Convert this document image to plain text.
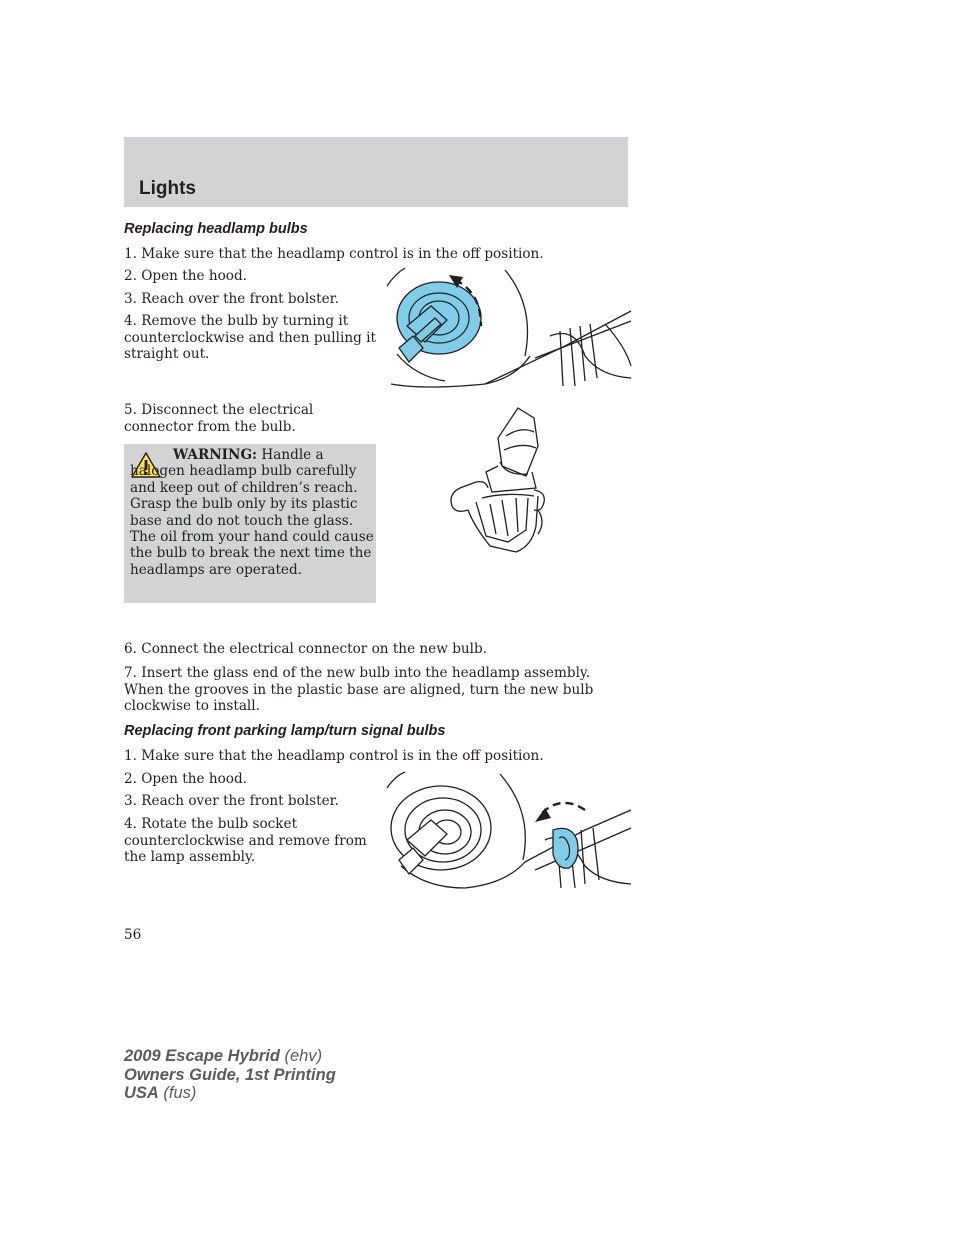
Lights
Replacing headlamp bulbs
1. Make sure that the headlamp control is in the off position.
2. Open the hood.
3. Reach over the front bolster.
4. Remove the bulb by turning it counterclockwise and then pulling it straight out.
5. Disconnect the electrical connector from the bulb.
WARNING: Handle a halogen headlamp bulb carefully and keep out of children’s reach. Grasp the bulb only by its plastic base and do not touch the glass. The oil from your hand could cause the bulb to break the next time the headlamps are operated.
6. Connect the electrical connector on the new bulb.
7. Insert the glass end of the new bulb into the headlamp assembly. When the grooves in the plastic base are aligned, turn the new bulb clockwise to install.
Replacing front parking lamp/turn signal bulbs
1. Make sure that the headlamp control is in the off position.
2. Open the hood.
3. Reach over the front bolster.
4. Rotate the bulb socket counterclockwise and remove from the lamp assembly.
56
2009 Escape Hybrid (ehv)
Owners Guide, 1st Printing
USA (fus)
